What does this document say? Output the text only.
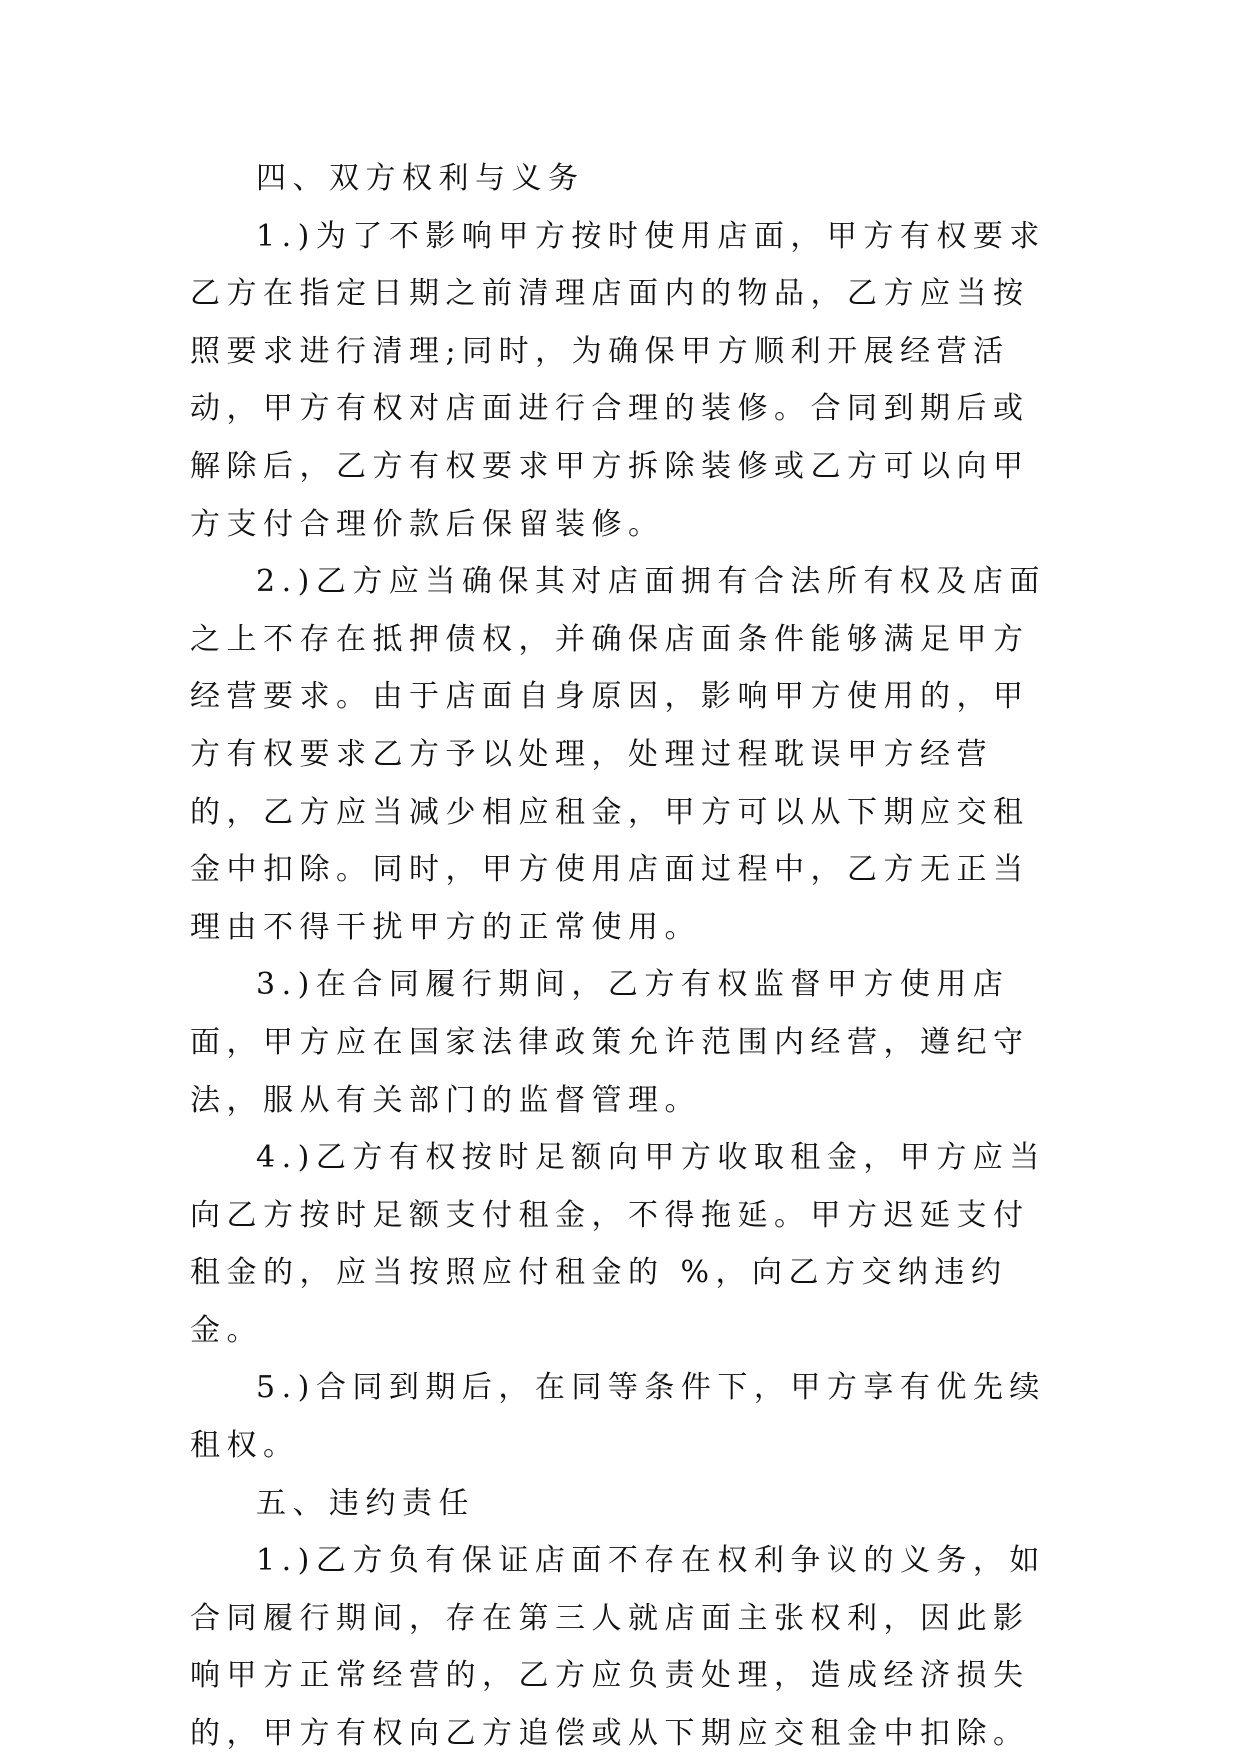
四、双方权利与义务

1.)为了不影响甲方按时使用店面，甲方有权要求乙方在指定日期之前清理店面内的物品，乙方应当按照要求进行清理;同时，为确保甲方顺利开展经营活动，甲方有权对店面进行合理的装修。合同到期后或解除后，乙方有权要求甲方拆除装修或乙方可以向甲方支付合理价款后保留装修。

2.)乙方应当确保其对店面拥有合法所有权及店面之上不存在抵押债权，并确保店面条件能够满足甲方经营要求。由于店面自身原因，影响甲方使用的，甲方有权要求乙方予以处理，处理过程耽误甲方经营的，乙方应当减少相应租金，甲方可以从下期应交租金中扣除。同时，甲方使用店面过程中，乙方无正当理由不得干扰甲方的正常使用。

3.)在合同履行期间，乙方有权监督甲方使用店面，甲方应在国家法律政策允许范围内经营，遵纪守法，服从有关部门的监督管理。

4.)乙方有权按时足额向甲方收取租金，甲方应当向乙方按时足额支付租金，不得拖延。甲方迟延支付租金的，应当按照应付租金的 %，向乙方交纳违约金。

5.)合同到期后，在同等条件下，甲方享有优先续租权。

五、违约责任

1.)乙方负有保证店面不存在权利争议的义务，如合同履行期间，存在第三人就店面主张权利，因此影响甲方正常经营的，乙方应负责处理，造成经济损失的，甲方有权向乙方追偿或从下期应交租金中扣除。
